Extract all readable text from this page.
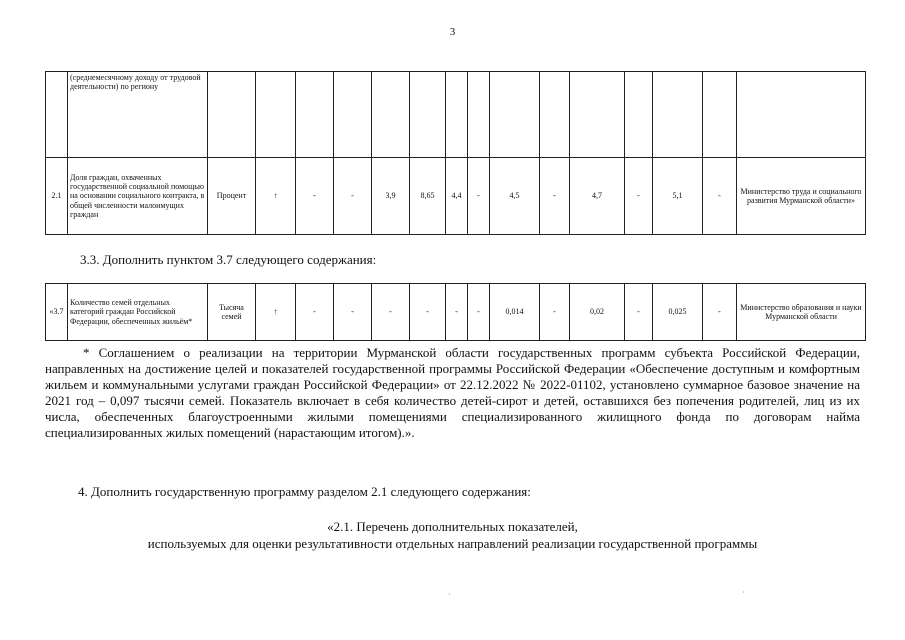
3
	(среднемесячному доходу от трудовой деятельности) по региону															
2.1	Доля граждан, охваченных государственной социальной помощью на основании социального контракта, в общей численности малоимущих граждан	Процент	↑	-	-	3,9	8,65	4,4	-	4,5	-	4,7	-	5,1	-	Министерство труда и социального развития Мурманской области»
3.3. Дополнить пунктом 3.7 следующего содержания:
«3.7	Количество семей отдельных категорий граждан Российской Федерации, обеспеченных жильём*	Тысяча семей	↑	-	-	-	-	-	-	0,014	-	0,02	-	0,025	-	Министерство образования и науки Мурманской области
* Соглашением о реализации на территории Мурманской области государственных программ субъекта Российской Федерации, направленных на достижение целей и показателей государственной программы Российской Федерации «Обеспечение доступным и комфортным жильем и коммунальными услугами граждан Российской Федерации» от 22.12.2022 № 2022-01102, установлено суммарное базовое значение на 2021 год – 0,097 тысячи семей. Показатель включает в себя количество детей-сирот и детей, оставшихся без попечения родителей, лиц из их числа, обеспеченных благоустроенными жилыми помещениями специализированного жилищного фонда по договорам найма специализированных жилых помещений (нарастающим итогом).».
4. Дополнить государственную программу разделом 2.1 следующего содержания:
«2.1. Перечень дополнительных показателей,
используемых для оценки результативности отдельных направлений реализации государственной программы
·	·
